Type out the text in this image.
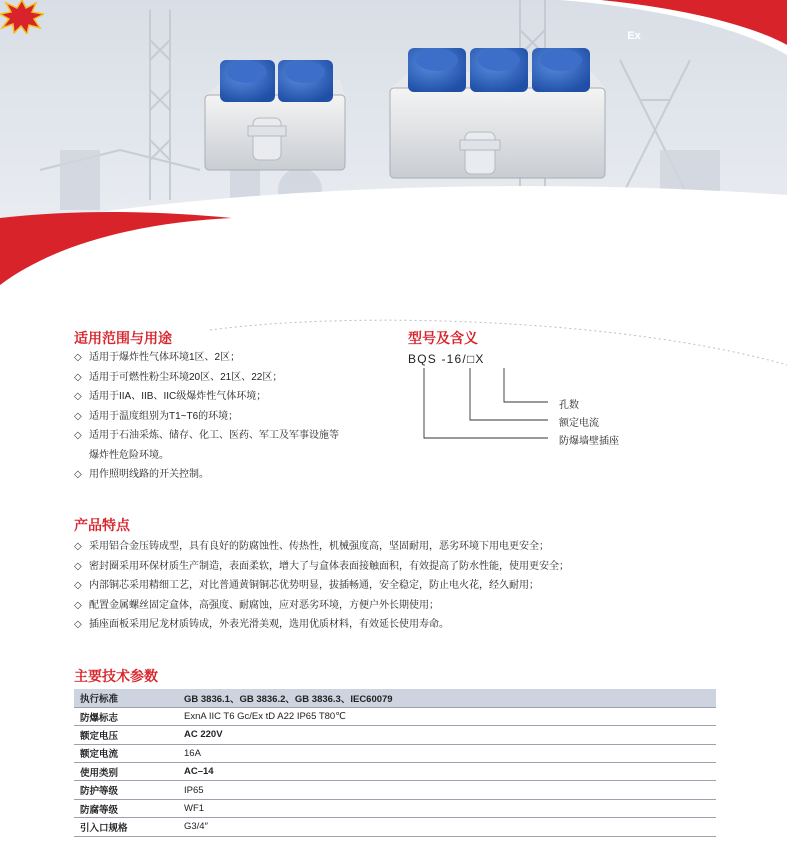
Ex
适用范围与用途
◇ 适用于爆炸性气体环境1区、2区；
◇ 适用于可燃性粉尘环境20区、21区、22区；
◇ 适用于IIA、IIB、IIC级爆炸性气体环境；
◇ 适用于温度组别为T1~T6的环境；
◇ 适用于石油采炼、储存、化工、医药、军工及军事设施等
爆炸性危险环境。
◇ 用作照明线路的开关控制。
型号及含义
BQS -16/□X
孔数
额定电流
防爆墙壁插座
产品特点
◇ 采用铝合金压铸成型，具有良好的防腐蚀性、传热性，机械强度高，坚固耐用，恶劣环境下用电更安全；
◇ 密封圈采用环保材质生产制造，表面柔软，增大了与盒体表面接触面积，有效提高了防水性能，使用更安全；
◇ 内部铜芯采用精细工艺，对比普通黄铜铜芯优势明显，拔插畅通，安全稳定，防止电火花，经久耐用；
◇ 配置金属螺丝固定盒体，高强度、耐腐蚀，应对恶劣环境，方便户外长期使用；
◇ 插座面板采用尼龙材质铸成，外表光滑美观，选用优质材料，有效延长使用寿命。
主要技术参数
执行标准	GB 3836.1、GB 3836.2、GB 3836.3、IEC60079
防爆标志	ExnA IIC T6 Gc/Ex tD A22 IP65 T80℃
额定电压	AC 220V
额定电流	16A
使用类别	AC–14
防护等级	IP65
防腐等级	WF1
引入口规格	G3/4″
